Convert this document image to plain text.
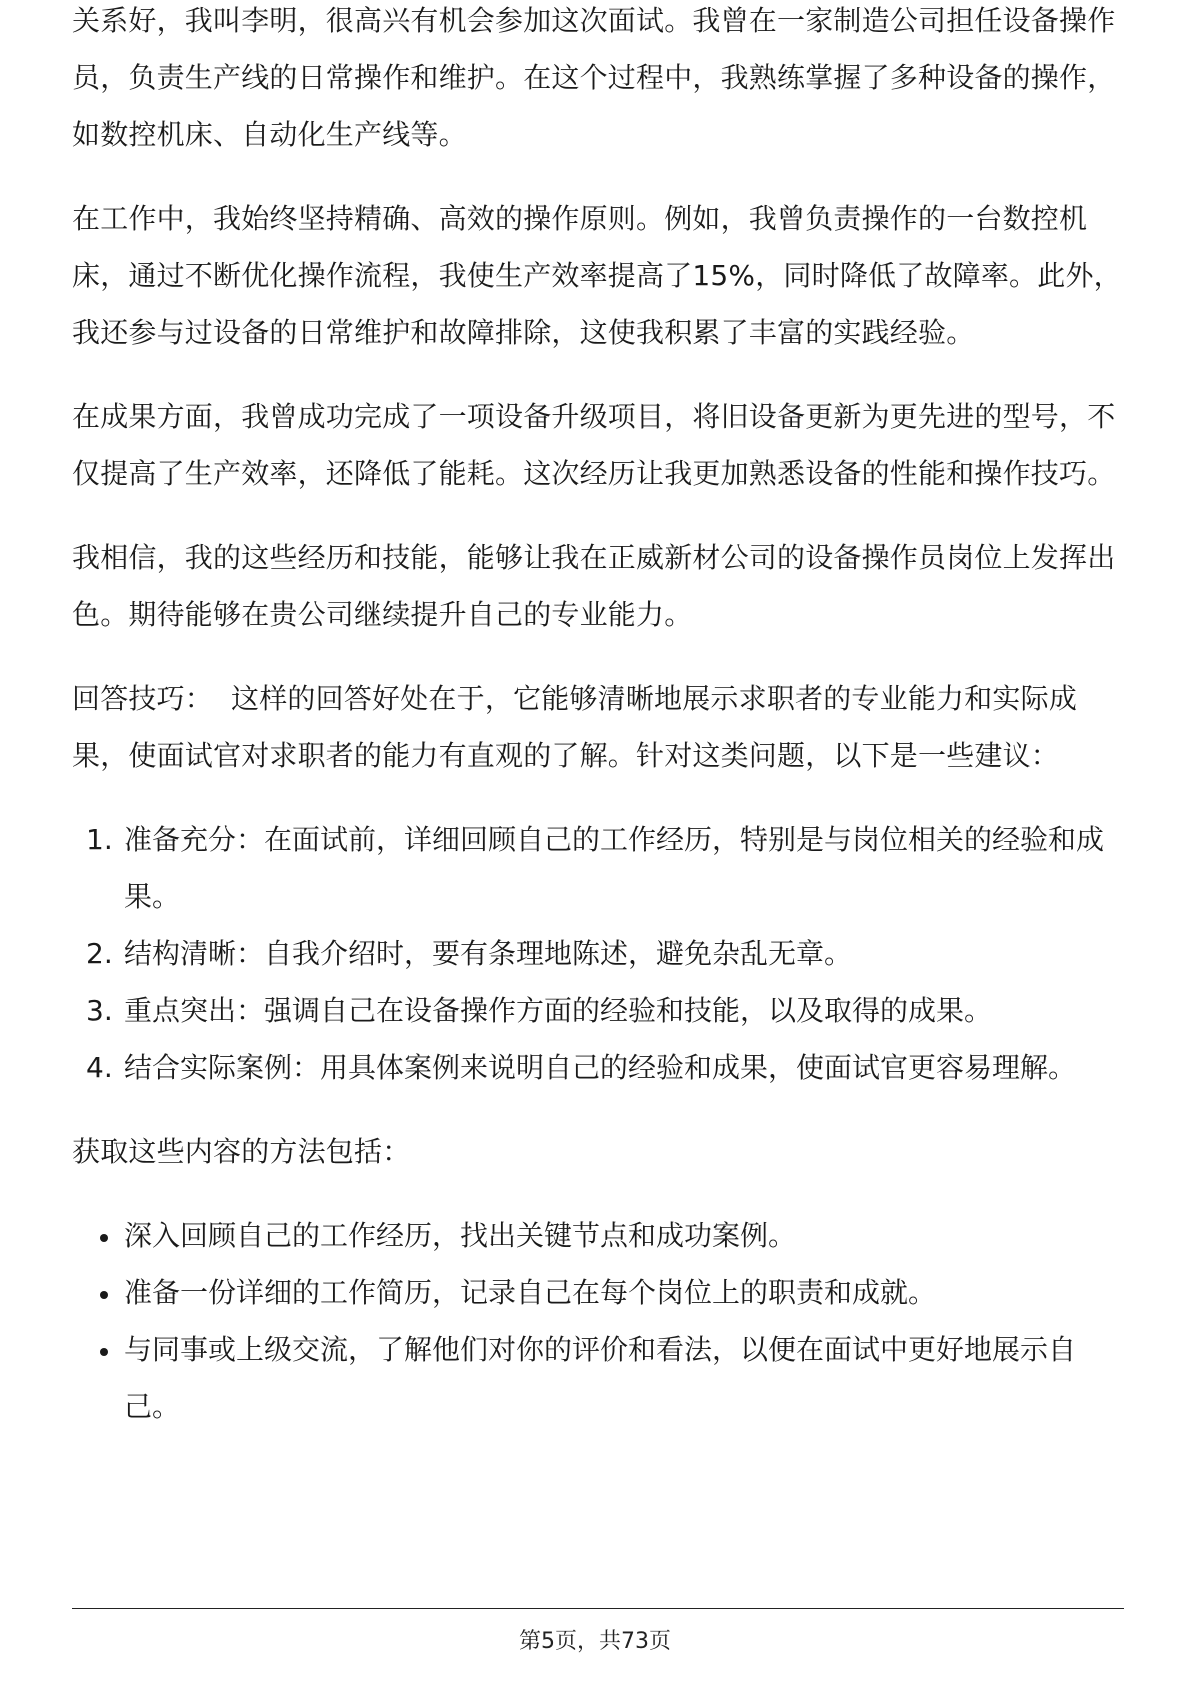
关系好，我叫李明，很高兴有机会参加这次面试。我曾在一家制造公司担任设备操作员，负责生产线的日常操作和维护。在这个过程中，我熟练掌握了多种设备的操作，如数控机床、自动化生产线等。

在工作中，我始终坚持精确、高效的操作原则。例如，我曾负责操作的一台数控机床，通过不断优化操作流程，我使生产效率提高了15%，同时降低了故障率。此外，我还参与过设备的日常维护和故障排除，这使我积累了丰富的实践经验。

在成果方面，我曾成功完成了一项设备升级项目，将旧设备更新为更先进的型号，不仅提高了生产效率，还降低了能耗。这次经历让我更加熟悉设备的性能和操作技巧。

我相信，我的这些经历和技能，能够让我在正威新材公司的设备操作员岗位上发挥出色。期待能够在贵公司继续提升自己的专业能力。

回答技巧： 这样的回答好处在于，它能够清晰地展示求职者的专业能力和实际成果，使面试官对求职者的能力有直观的了解。针对这类问题，以下是一些建议：

1. 准备充分：在面试前，详细回顾自己的工作经历，特别是与岗位相关的经验和成果。
2. 结构清晰：自我介绍时，要有条理地陈述，避免杂乱无章。
3. 重点突出：强调自己在设备操作方面的经验和技能，以及取得的成果。
4. 结合实际案例：用具体案例来说明自己的经验和成果，使面试官更容易理解。

获取这些内容的方法包括：

深入回顾自己的工作经历，找出关键节点和成功案例。
准备一份详细的工作简历，记录自己在每个岗位上的职责和成就。
与同事或上级交流，了解他们对你的评价和看法，以便在面试中更好地展示自己。
第5页，共73页
